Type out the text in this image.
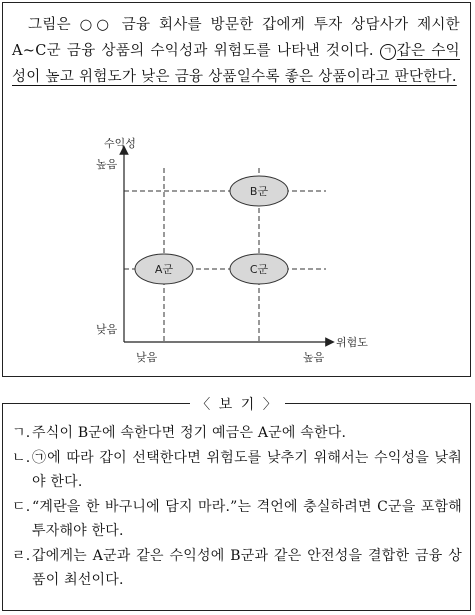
그림은 ○○ 금융 회사를 방문한 갑에게 투자 상담사가 제시한 A~C군 금융 상품의 수익성과 위험도를 나타낸 것이다. ㄱ 갑은 수익성이 높고 위험도가 낮은 금융 상품일수록 좋은 상품이라고 판단한다.
B군
A군	C군
수익성
높음
낮음
낮음	높음
위험도
〈 보 기 〉
ㄱ. 주식이 B군에 속한다면 정기 예금은 A군에 속한다.
ㄴ. ㉠에 따라 갑이 선택한다면 위험도를 낮추기 위해서는 수익성을 낮춰야 한다.
ㄷ. “계란을 한 바구니에 담지 마라.”는 격언에 충실하려면 C군을 포함해 투자해야 한다.
ㄹ. 갑에게는 A군과 같은 수익성에 B군과 같은 안전성을 결합한 금융 상품이 최선이다.
